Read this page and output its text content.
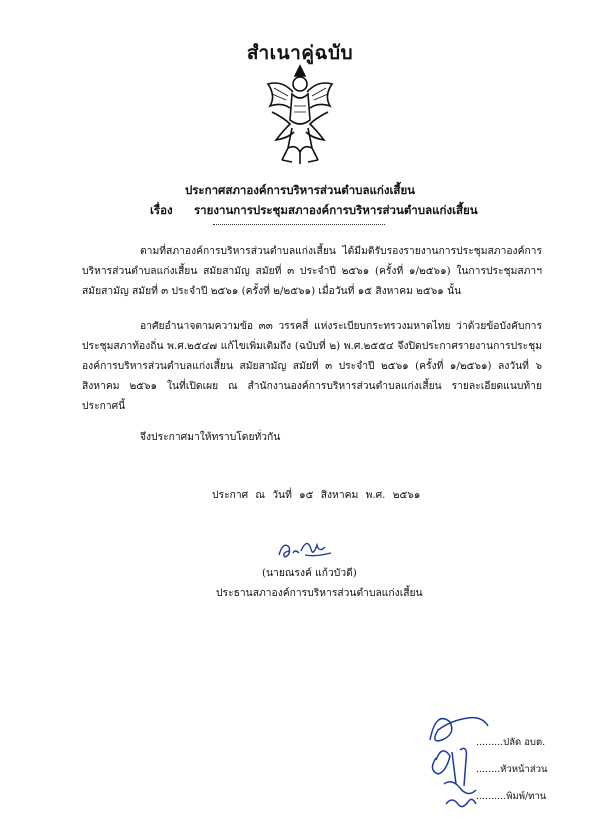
สำเนาคู่ฉบับ
ประกาศสภาองค์การบริหารส่วนตำบลแก่งเสี้ยน
เรื่อง รายงานการประชุมสภาองค์การบริหารส่วนตำบลแก่งเสี้ยน
ตามที่สภาองค์การบริหารส่วนตำบลแก่งเสี้ยน ได้มีมติรับรองรายงานการประชุมสภาองค์การบริหารส่วนตำบลแก่งเสี้ยน สมัยสามัญ สมัยที่ ๓ ประจำปี ๒๕๖๑ (ครั้งที่ ๑/๒๕๖๑) ในการประชุมสภาฯ สมัยสามัญ สมัยที่ ๓ ประจำปี ๒๕๖๑ (ครั้งที่ ๒/๒๕๖๑) เมื่อวันที่ ๑๕ สิงหาคม ๒๕๖๑ นั้น
อาศัยอำนาจตามความข้อ ๓๓ วรรคสี่ แห่งระเบียบกระทรวงมหาดไทย ว่าด้วยข้อบังคับการประชุมสภาท้องถิ่น พ.ศ.๒๕๔๗ แก้ไขเพิ่มเติมถึง (ฉบับที่ ๒) พ.ศ.๒๕๕๔ จึงปิดประกาศรายงานการประชุมองค์การบริหารส่วนตำบลแก่งเสี้ยน สมัยสามัญ สมัยที่ ๓ ประจำปี ๒๕๖๑ (ครั้งที่ ๑/๒๕๖๑) ลงวันที่ ๖ สิงหาคม ๒๕๖๑ ในที่เปิดเผย ณ สำนักงานองค์การบริหารส่วนตำบลแก่งเสี้ยน รายละเอียดแนบท้ายประกาศนี้
จึงประกาศมาให้ทราบโดยทั่วกัน
ประกาศ ณ วันที่ ๑๕ สิงหาคม พ.ศ. ๒๕๖๑
(นายณรงค์ แก้วบัวดี)
ประธานสภาองค์การบริหารส่วนตำบลแก่งเสี้ยน
.........ปลัด อบต.
........หัวหน้าส่วน
..........พิมพ์/ทาน
